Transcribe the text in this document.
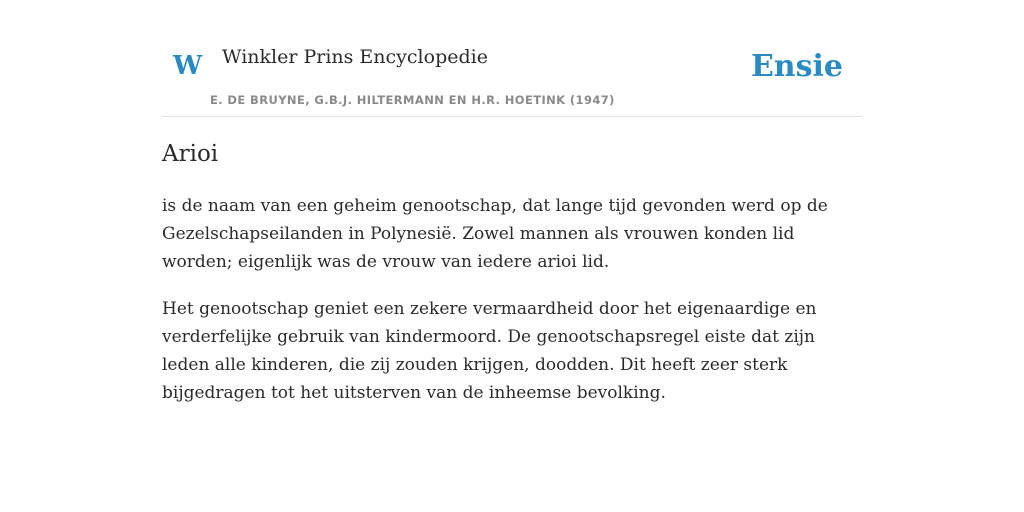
W Winkler Prins Encyclopedie
E. DE BRUYNE, G.B.J. HILTERMANN EN H.R. HOETINK (1947)
Ensie
Arioi

is de naam van een geheim genootschap, dat lange tijd gevonden werd op de Gezelschapseilanden in Polynesië. Zowel mannen als vrouwen konden lid worden; eigenlijk was de vrouw van iedere arioi lid.

Het genootschap geniet een zekere vermaardheid door het eigenaardige en verderfelijke gebruik van kindermoord. De genootschapsregel eiste dat zijn leden alle kinderen, die zij zouden krijgen, doodden. Dit heeft zeer sterk bijgedragen tot het uitsterven van de inheemse bevolking.
